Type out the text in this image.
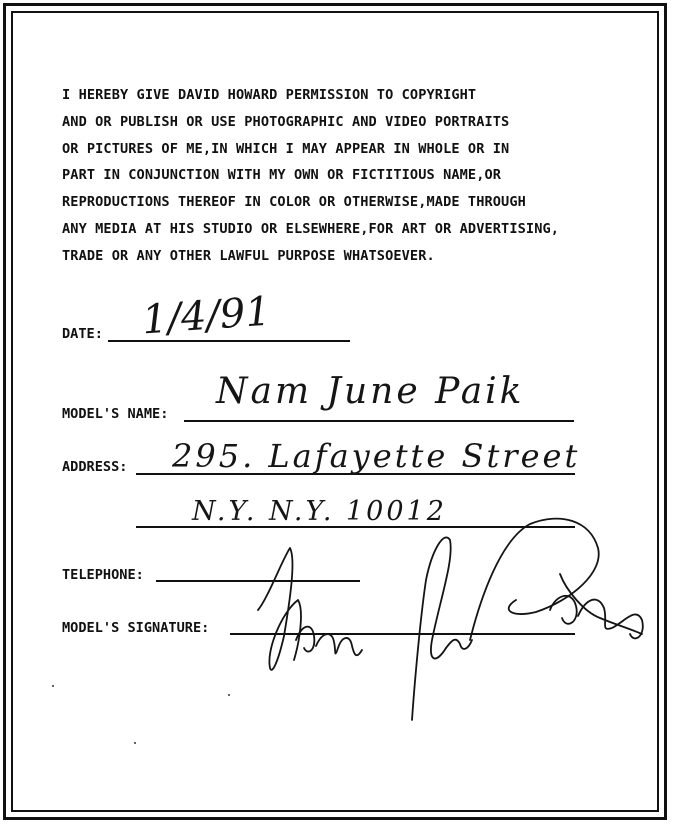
I HEREBY GIVE DAVID HOWARD PERMISSION TO COPYRIGHT
AND OR PUBLISH OR USE PHOTOGRAPHIC AND VIDEO PORTRAITS
OR PICTURES OF ME,IN WHICH I MAY APPEAR IN WHOLE OR IN
PART IN CONJUNCTION WITH MY OWN OR FICTITIOUS NAME,OR
REPRODUCTIONS THEREOF IN COLOR OR OTHERWISE,MADE THROUGH
ANY MEDIA AT HIS STUDIO OR ELSEWHERE,FOR ART OR ADVERTISING,
TRADE OR ANY OTHER LAWFUL PURPOSE WHATSOEVER.
DATE: 1/4/91
MODEL'S NAME:
Nam June Paik
ADDRESS: 295. Lafayette Street
N.Y. N.Y. 10012
TELEPHONE:
MODEL'S SIGNATURE:
